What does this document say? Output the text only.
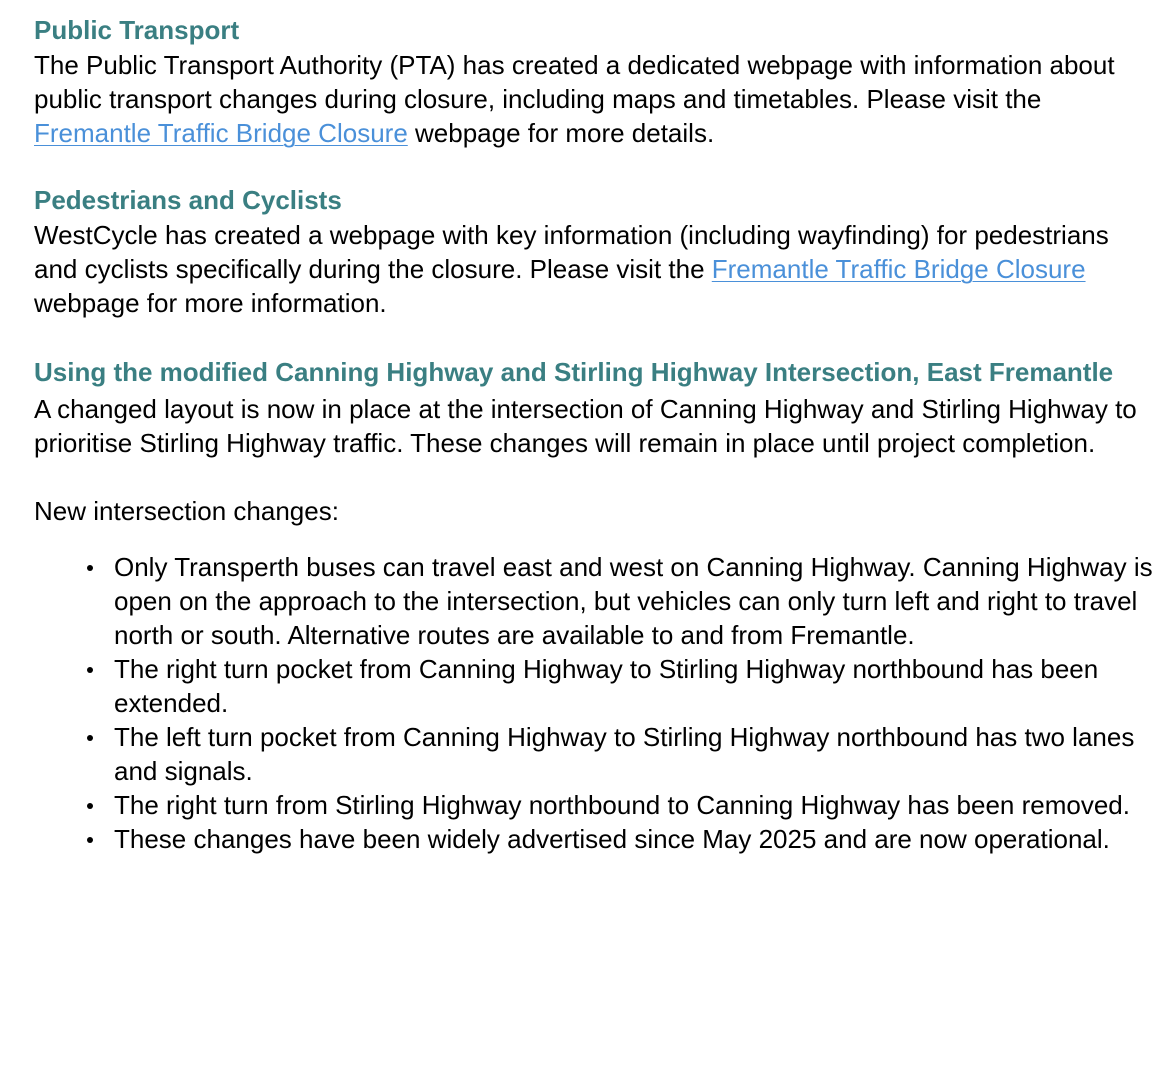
Public Transport

The Public Transport Authority (PTA) has created a dedicated webpage with information about public transport changes during closure, including maps and timetables. Please visit the Fremantle Traffic Bridge Closure webpage for more details.

Pedestrians and Cyclists

WestCycle has created a webpage with key information (including wayfinding) for pedestrians and cyclists specifically during the closure. Please visit the Fremantle Traffic Bridge Closure webpage for more information.

Using the modified Canning Highway and Stirling Highway Intersection, East Fremantle

A changed layout is now in place at the intersection of Canning Highway and Stirling Highway to prioritise Stirling Highway traffic. These changes will remain in place until project completion.

New intersection changes:

Only Transperth buses can travel east and west on Canning Highway. Canning Highway is open on the approach to the intersection, but vehicles can only turn left and right to travel north or south. Alternative routes are available to and from Fremantle.
The right turn pocket from Canning Highway to Stirling Highway northbound has been extended.
The left turn pocket from Canning Highway to Stirling Highway northbound has two lanes and signals.
The right turn from Stirling Highway northbound to Canning Highway has been removed.
These changes have been widely advertised since May 2025 and are now operational.
